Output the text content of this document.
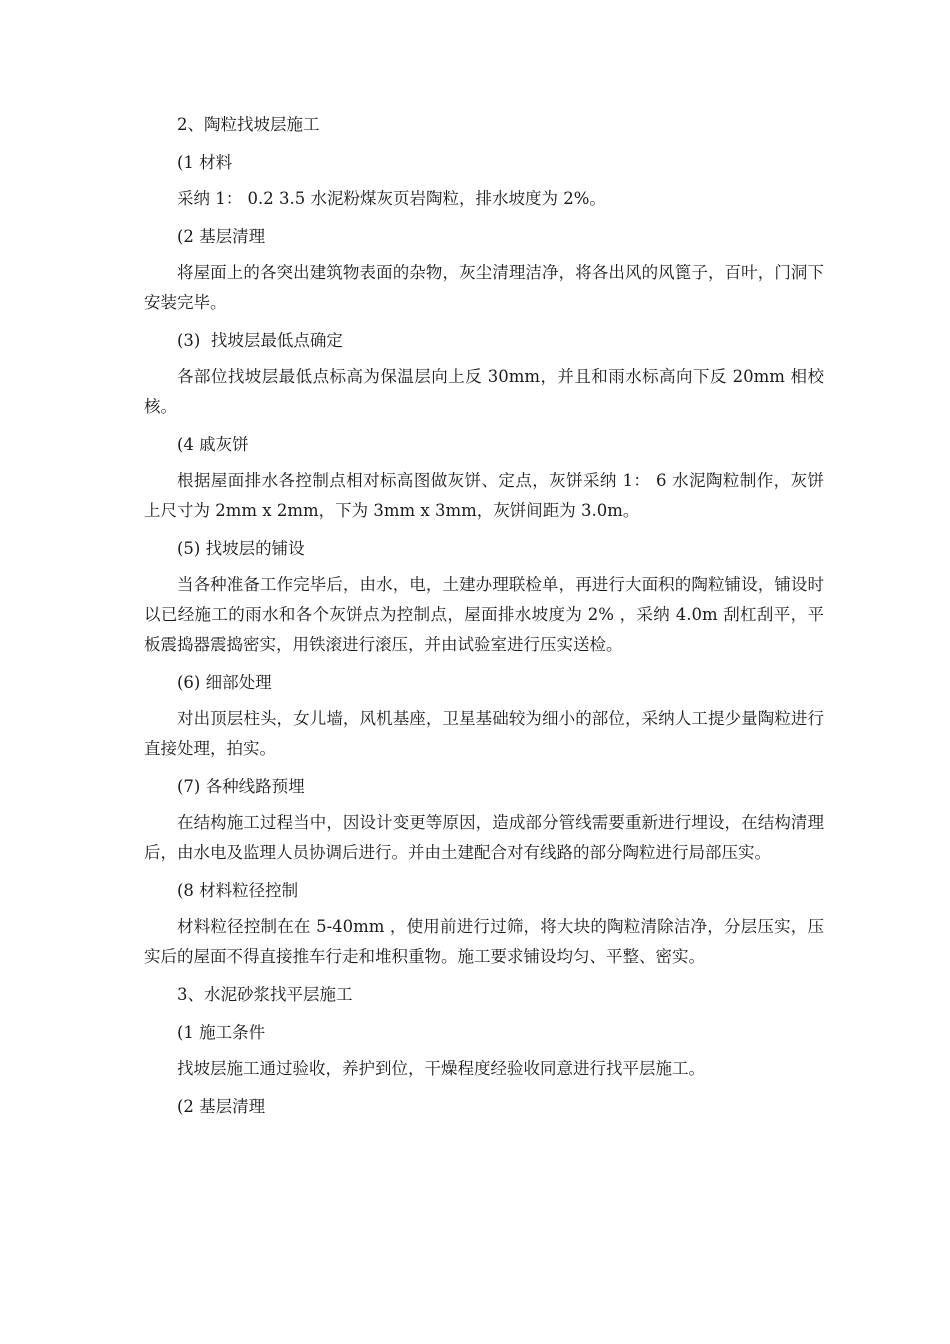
2、陶粒找坡层施工
(1 材料
采纳 1： 0.2 3.5 水泥粉煤灰页岩陶粒，排水坡度为 2%。
(2 基层清理
将屋面上的各突出建筑物表面的杂物，灰尘清理洁净，将各出风的风篦子，百叶，门洞下安装完毕。
(3)  找坡层最低点确定
各部位找坡层最低点标高为保温层向上反 30mm，并且和雨水标高向下反 20mm 相校核。
(4 戚灰饼
根据屋面排水各控制点相对标高图做灰饼、定点，灰饼采纳 1： 6 水泥陶粒制作，灰饼上尺寸为 2mm x 2mm，下为 3mm x 3mm，灰饼间距为 3.0m。
(5) 找坡层的铺设
当各种准备工作完毕后，由水，电，土建办理联检单，再进行大面积的陶粒铺设，铺设时以已经施工的雨水和各个灰饼点为控制点，屋面排水坡度为 2% ，采纳 4.0m 刮杠刮平，平板震捣器震捣密实，用铁滚进行滚压，并由试验室进行压实送检。
(6) 细部处理
对出顶层柱头，女儿墙，风机基座，卫星基础较为细小的部位，采纳人工提少量陶粒进行直接处理，拍实。
(7) 各种线路预埋
在结构施工过程当中，因设计变更等原因，造成部分管线需要重新进行埋设，在结构清理后，由水电及监理人员协调后进行。并由土建配合对有线路的部分陶粒进行局部压实。
(8 材料粒径控制
材料粒径控制在在 5-40mm ，使用前进行过筛，将大块的陶粒清除洁净，分层压实，压实后的屋面不得直接推车行走和堆积重物。施工要求铺设均匀、平整、密实。
3、水泥砂浆找平层施工
(1 施工条件
找坡层施工通过验收，养护到位，干燥程度经验收同意进行找平层施工。
(2 基层清理
